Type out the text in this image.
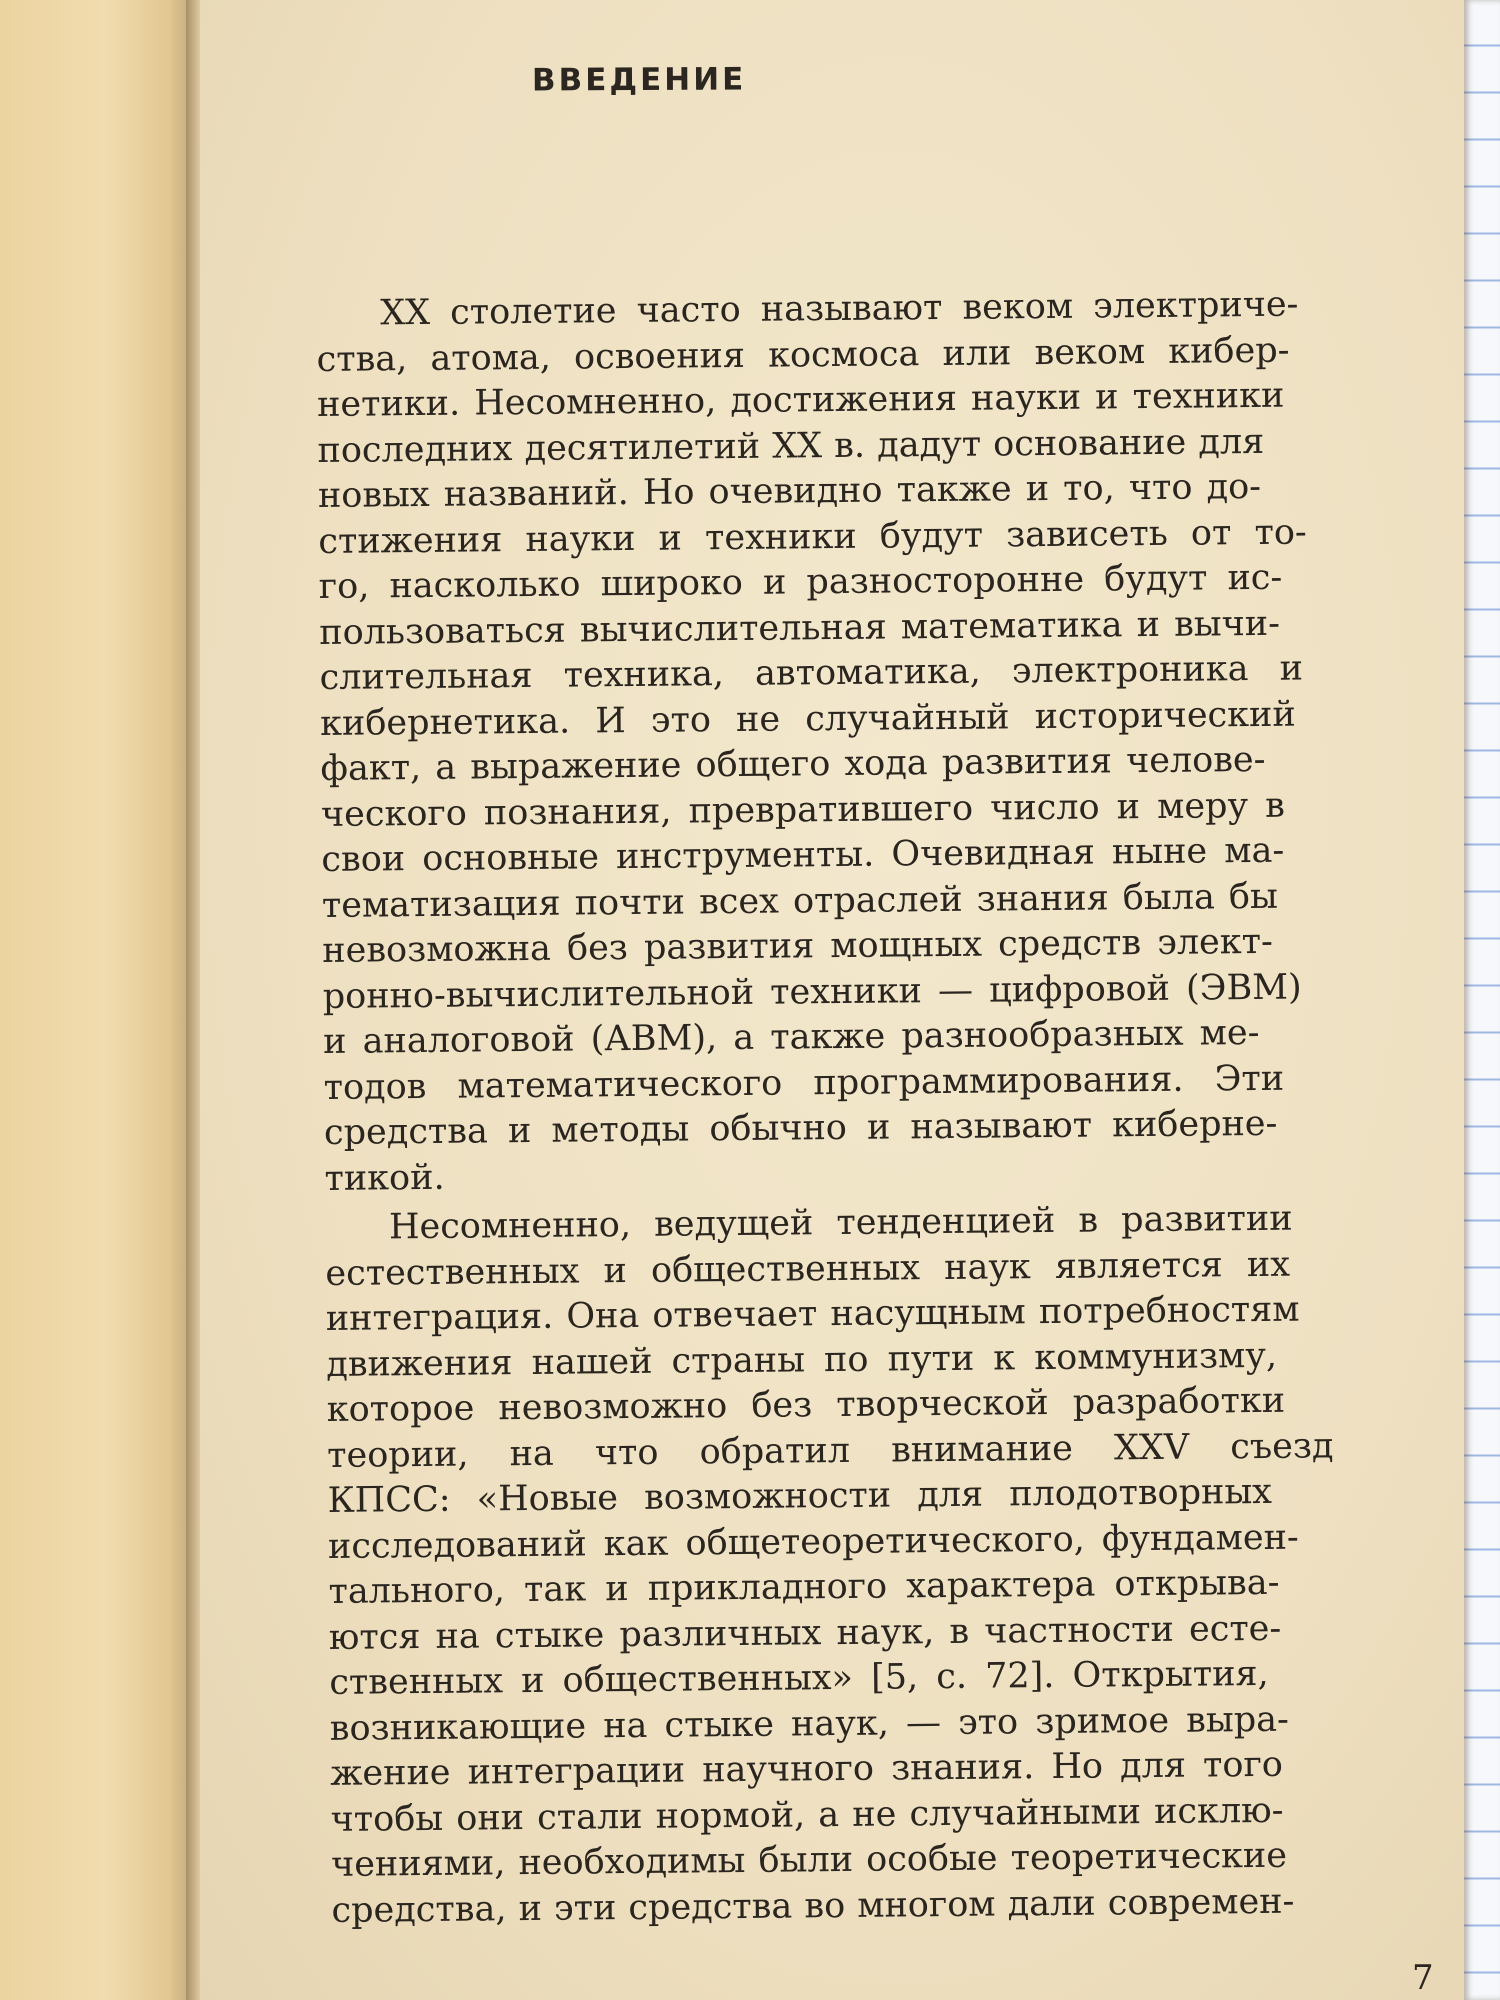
ВВЕДЕНИЕ
XX столетие часто называют веком электриче-
ства, атома, освоения космоса или веком кибер-
нетики. Несомненно, достижения науки и техники
последних десятилетий XX в. дадут основание для
новых названий. Но очевидно также и то, что до-
стижения науки и техники будут зависеть от то-
го, насколько широко и разносторонне будут ис-
пользоваться вычислительная математика и вычи-
слительная техника, автоматика, электроника и
кибернетика. И это не случайный исторический
факт, а выражение общего хода развития челове-
ческого познания, превратившего число и меру в
свои основные инструменты. Очевидная ныне ма-
тематизация почти всех отраслей знания была бы
невозможна без развития мощных средств элект-
ронно-вычислительной техники — цифровой (ЭВМ)
и аналоговой (АВМ), а также разнообразных ме-
тодов математического программирования. Эти
средства и методы обычно и называют киберне-
тикой.
Несомненно, ведущей тенденцией в развитии
естественных и общественных наук является их
интеграция. Она отвечает насущным потребностям
движения нашей страны по пути к коммунизму,
которое невозможно без творческой разработки
теории, на что обратил внимание XXV съезд
КПСС: «Новые возможности для плодотворных
исследований как общетеоретического, фундамен-
тального, так и прикладного характера открыва-
ются на стыке различных наук, в частности есте-
ственных и общественных» [5, с. 72]. Открытия,
возникающие на стыке наук, — это зримое выра-
жение интеграции научного знания. Но для того
чтобы они стали нормой, а не случайными исклю-
чениями, необходимы были особые теоретические
средства, и эти средства во многом дали современ-
7
